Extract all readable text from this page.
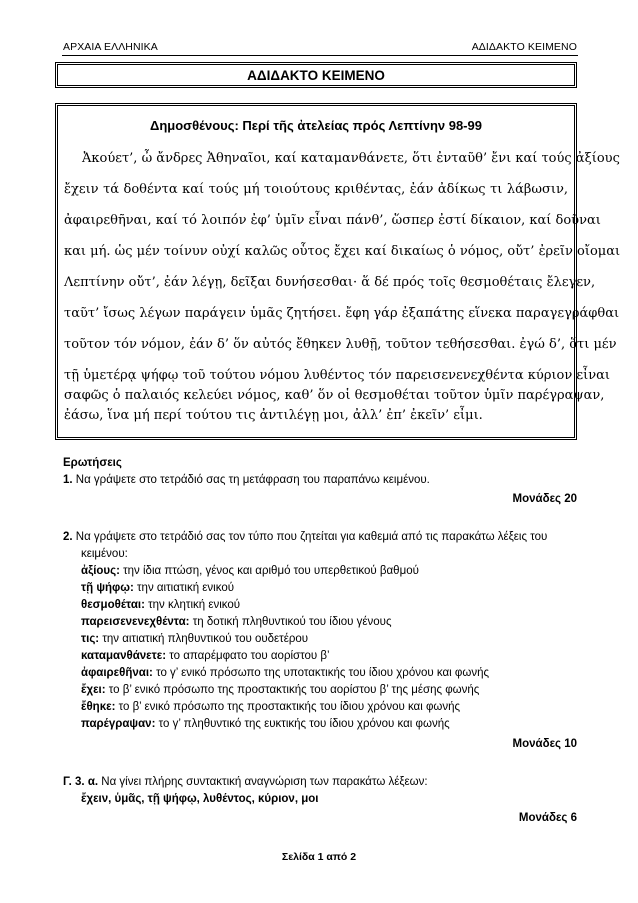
ΑΡΧΑΙΑ ΕΛΛΗΝΙΚΑ	ΑΔΙΔΑΚΤΟ ΚΕΙΜΕΝΟ
ΑΔΙΔΑΚΤΟ ΚΕΙΜΕΝΟ
Δημοσθένους: Περί τῆς ἀτελείας πρός Λεπτίνην 98-99
Ἀκούετ’, ὦ ἄνδρες Ἀθηναῖοι, καί καταμανθάνετε, ὅτι ἐνταῦθ’ ἔνι καί τούς ἀξίους
ἔχειν τά δοθέντα καί τούς μή τοιούτους κριθέντας, ἐάν ἀδίκως τι λάβωσιν,
ἀφαιρεθῆναι, καί τό λοιπόν ἐφ’ ὑμῖν εἶναι πάνθ’, ὥσπερ ἐστί δίκαιον, καί δοῦναι
και μή. ὡς μέν τοίνυν οὐχί καλῶς οὗτος ἔχει καί δικαίως ὁ νόμος, οὔτ’ ἐρεῖν οἴομαι
Λεπτίνην οὔτ’, ἐάν λέγῃ, δεῖξαι δυνήσεσθαι· ἅ δέ πρός τοῖς θεσμοθέταις ἔλεγεν,
ταῦτ’ ἴσως λέγων παράγειν ὑμᾶς ζητήσει. ἔφη γάρ ἐξαπάτης εἵνεκα παραγεγράφθαι
τοῦτον τόν νόμον, ἐάν δ’ ὅν αὐτός ἔθηκεν λυθῇ, τοῦτον τεθήσεσθαι. ἐγώ δ’, ὅτι μέν
τῇ ὑμετέρᾳ ψήφῳ τοῦ τούτου νόμου λυθέντος τόν παρεισενενεχθέντα κύριον εἶναι
σαφῶς ὁ παλαιός κελεύει νόμος, καθ’ ὅν οἱ θεσμοθέται τοῦτον ὑμῖν παρέγραψαν,
ἐάσω, ἵνα μή περί τούτου τις ἀντιλέγῃ μοι, ἀλλ’ ἐπ’ ἐκεῖν’ εἶμι.
Ερωτήσεις
1. Να γράψετε στο τετράδιό σας τη μετάφραση του παραπάνω κειμένου.
Μονάδες 20
2. Να γράψετε στο τετράδιό σας τον τύπο που ζητείται για καθεμιά από τις παρακάτω λέξεις του
κειμένου:
ἀξίους: την ίδια πτώση, γένος και αριθμό του υπερθετικού βαθμού
τῇ ψήφῳ: την αιτιατική ενικού
θεσμοθέται: την κλητική ενικού
παρεισενενεχθέντα: τη δοτική πληθυντικού του ίδιου γένους
τις: την αιτιατική πληθυντικού του ουδετέρου
καταμανθάνετε: το απαρέμφατο του αορίστου β’
ἀφαιρεθῆναι: το γ’ ενικό πρόσωπο της υποτακτικής του ίδιου χρόνου και φωνής
ἔχει: το β’ ενικό πρόσωπο της προστακτικής του αορίστου β’ της μέσης φωνής
ἔθηκε: το β’ ενικό πρόσωπο της προστακτικής του ίδιου χρόνου και φωνής
παρέγραψαν: το γ’ πληθυντικό της ευκτικής του ίδιου χρόνου και φωνής
Μονάδες 10
Γ. 3. α. Να γίνει πλήρης συντακτική αναγνώριση των παρακάτω λέξεων:
ἔχειν, ὑμᾶς, τῇ ψήφῳ, λυθέντος, κύριον, μοι
Μονάδες 6
Σελίδα 1 από 2
